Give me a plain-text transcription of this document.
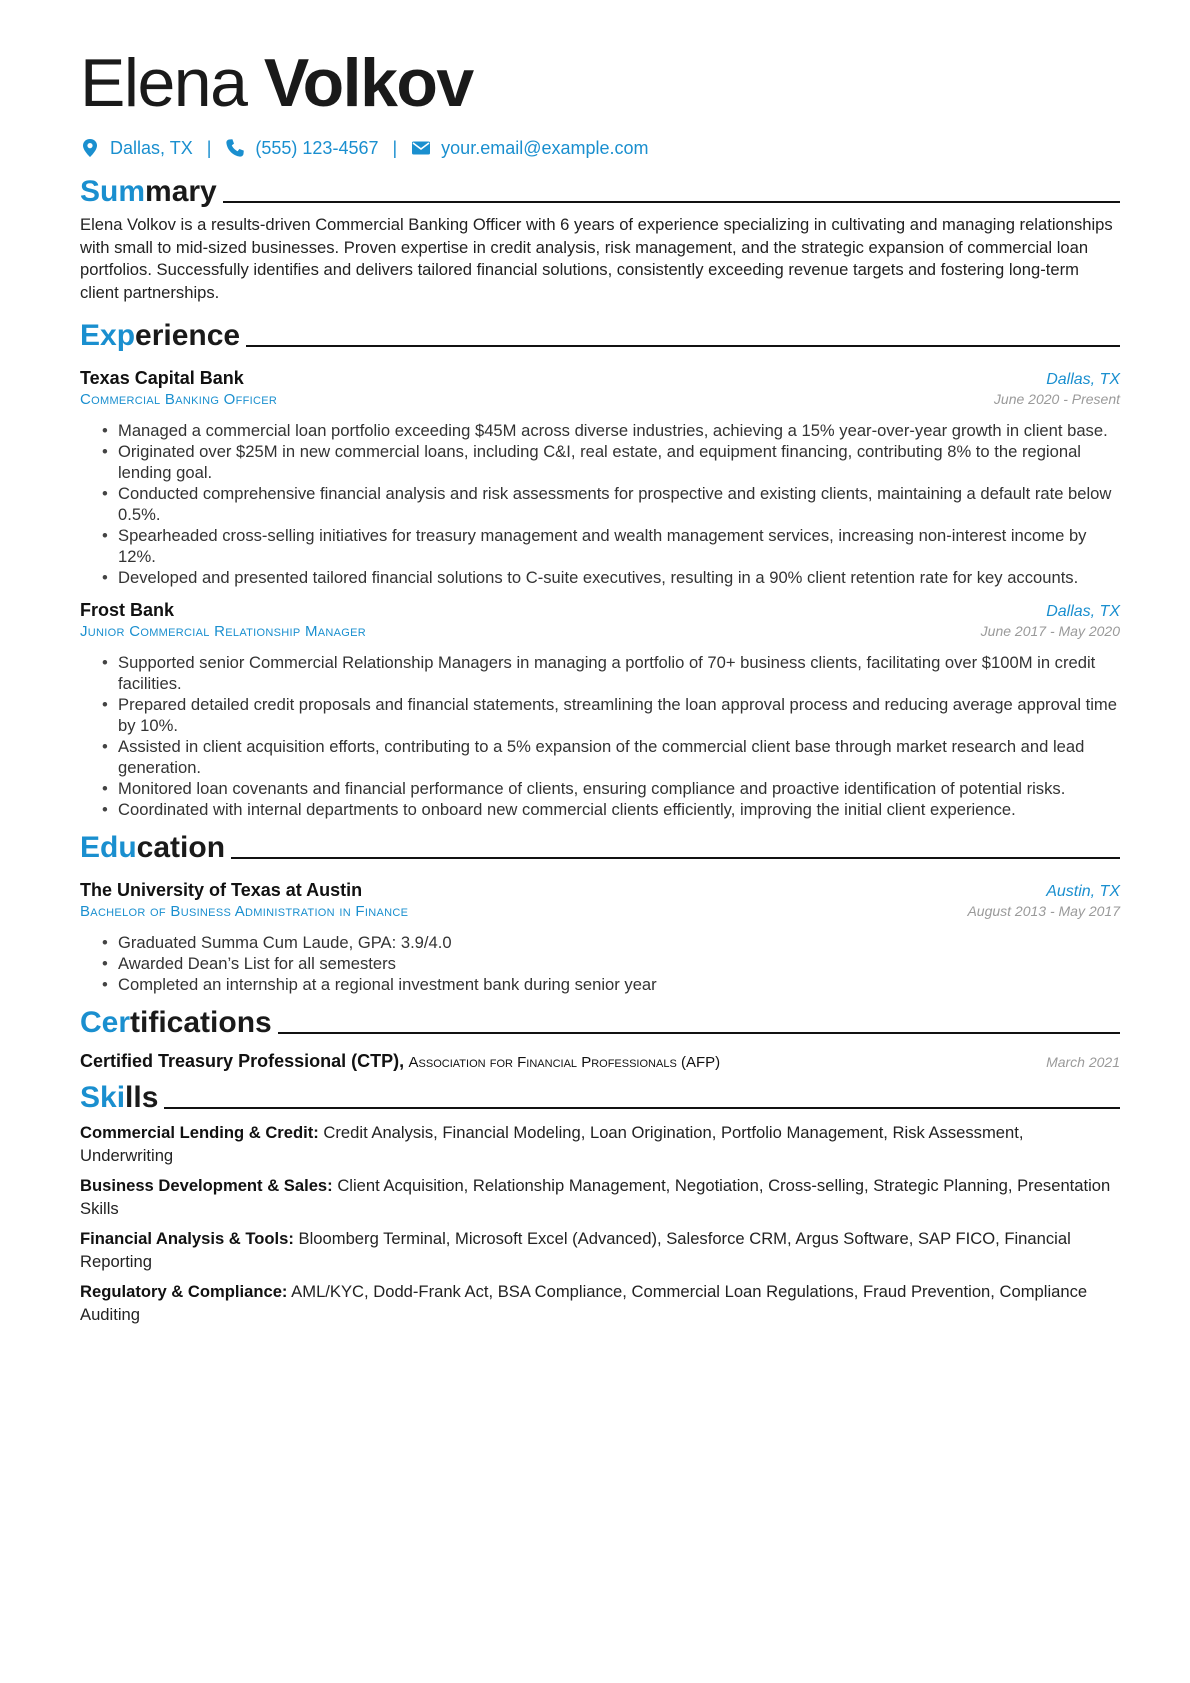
Elena Volkov
Dallas, TX | (555) 123-4567 | your.email@example.com
Summary
Elena Volkov is a results-driven Commercial Banking Officer with 6 years of experience specializing in cultivating and managing relationships with small to mid-sized businesses. Proven expertise in credit analysis, risk management, and the strategic expansion of commercial loan portfolios. Successfully identifies and delivers tailored financial solutions, consistently exceeding revenue targets and fostering long-term client partnerships.
Experience
Texas Capital Bank	Dallas, TX
Commercial Banking Officer	June 2020 - Present
• Managed a commercial loan portfolio exceeding $45M across diverse industries, achieving a 15% year-over-year growth in client base.
• Originated over $25M in new commercial loans, including C&I, real estate, and equipment financing, contributing 8% to the regional lending goal.
• Conducted comprehensive financial analysis and risk assessments for prospective and existing clients, maintaining a default rate below 0.5%.
• Spearheaded cross-selling initiatives for treasury management and wealth management services, increasing non-interest income by 12%.
• Developed and presented tailored financial solutions to C-suite executives, resulting in a 90% client retention rate for key accounts.
Frost Bank	Dallas, TX
Junior Commercial Relationship Manager	June 2017 - May 2020
• Supported senior Commercial Relationship Managers in managing a portfolio of 70+ business clients, facilitating over $100M in credit facilities.
• Prepared detailed credit proposals and financial statements, streamlining the loan approval process and reducing average approval time by 10%.
• Assisted in client acquisition efforts, contributing to a 5% expansion of the commercial client base through market research and lead generation.
• Monitored loan covenants and financial performance of clients, ensuring compliance and proactive identification of potential risks.
• Coordinated with internal departments to onboard new commercial clients efficiently, improving the initial client experience.
Education
The University of Texas at Austin	Austin, TX
Bachelor of Business Administration in Finance	August 2013 - May 2017
• Graduated Summa Cum Laude, GPA: 3.9/4.0
• Awarded Dean’s List for all semesters
• Completed an internship at a regional investment bank during senior year
Certifications
Certified Treasury Professional (CTP), Association for Financial Professionals (AFP)	March 2021
Skills
Commercial Lending & Credit: Credit Analysis, Financial Modeling, Loan Origination, Portfolio Management, Risk Assessment, Underwriting
Business Development & Sales: Client Acquisition, Relationship Management, Negotiation, Cross-selling, Strategic Planning, Presentation Skills
Financial Analysis & Tools: Bloomberg Terminal, Microsoft Excel (Advanced), Salesforce CRM, Argus Software, SAP FICO, Financial Reporting
Regulatory & Compliance: AML/KYC, Dodd-Frank Act, BSA Compliance, Commercial Loan Regulations, Fraud Prevention, Compliance Auditing
